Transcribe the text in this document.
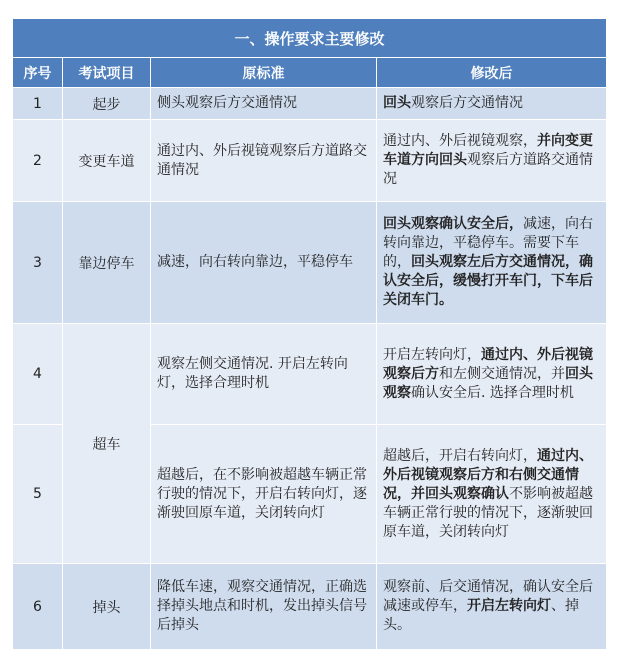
一、操作要求主要修改			
序号	考试项目	原标准	修改后
1	起步	侧头观察后方交通情况	回头观察后方交通情况
2	变更车道	通过内、外后视镜观察后方道路交通情况	通过内、外后视镜观察，并向变更车道方向回头观察后方道路交通情况
3	靠边停车	减速，向右转向靠边，平稳停车	回头观察确认安全后，减速，向右转向靠边，平稳停车。需要下车的，回头观察左后方交通情况，确认安全后，缓慢打开车门，下车后关闭车门。
4	超车	观察左侧交通情况. 开启左转向灯，选择合理时机	开启左转向灯，通过内、外后视镜观察后方和左侧交通情况，并回头观察确认安全后. 选择合理时机
5		超越后，在不影响被超越车辆正常行驶的情况下，开启右转向灯，逐渐驶回原车道，关闭转向灯	超越后，开启右转向灯，通过内、外后视镜观察后方和右侧交通情况，并回头观察确认不影响被超越车辆正常行驶的情况下，逐渐驶回原车道，关闭转向灯
6	掉头	降低车速，观察交通情况，正确选择掉头地点和时机，发出掉头信号后掉头	观察前、后交通情况，确认安全后减速或停车，开启左转向灯、掉头。
